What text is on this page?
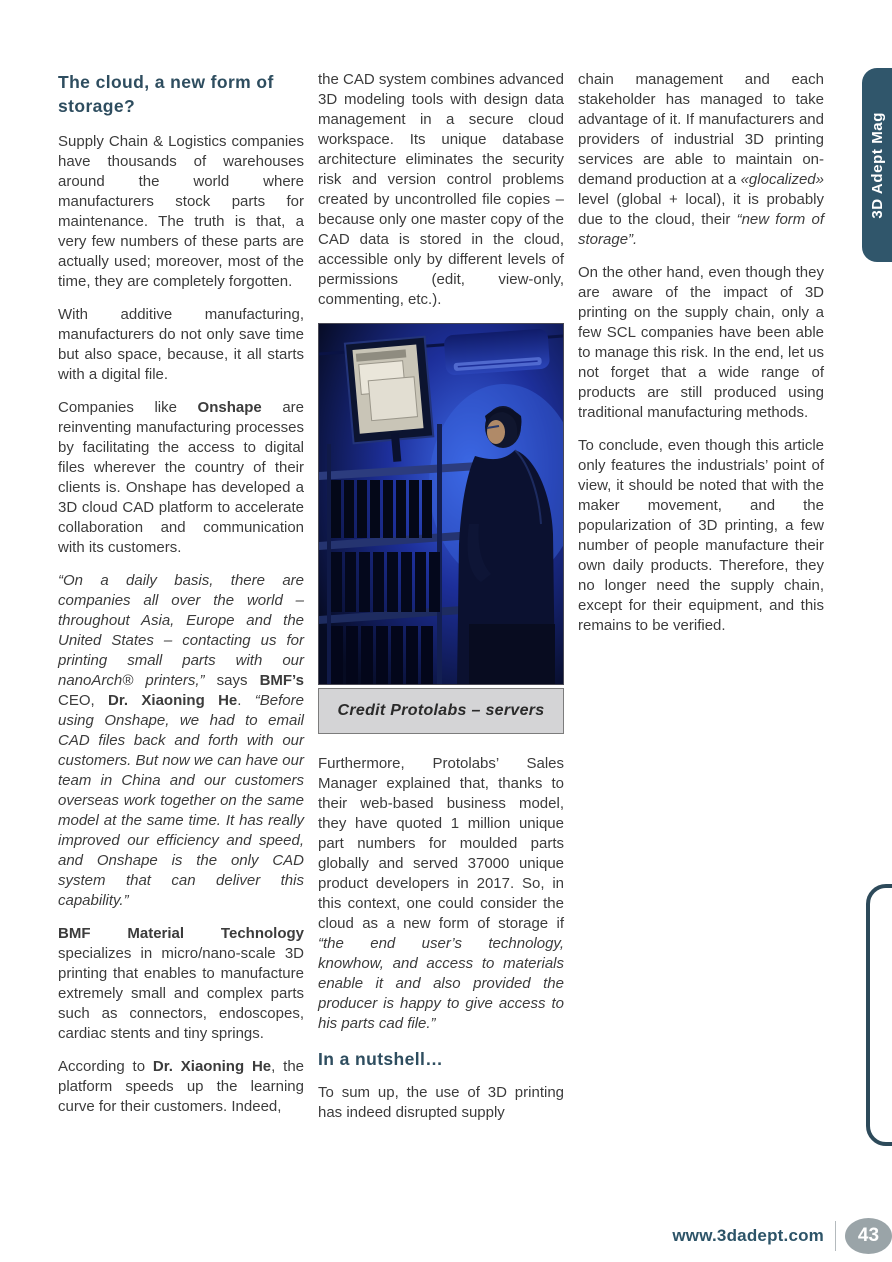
The cloud, a new form of storage?

Supply Chain & Logistics companies have thousands of warehouses around the world where manufacturers stock parts for maintenance. The truth is that, a very few numbers of these parts are actually used; moreover, most of the time, they are completely forgotten.

With additive manufacturing, manufacturers do not only save time but also space, because, it all starts with a digital file.

Companies like Onshape are reinventing manufacturing processes by facilitating the access to digital files wherever the country of their clients is. Onshape has developed a 3D cloud CAD platform to accelerate collaboration and communication with its customers.

“On a daily basis, there are companies all over the world – throughout Asia, Europe and the United States – contacting us for printing small parts with our nanoArch® printers,” says BMF’s CEO, Dr. Xiaoning He. “Before using Onshape, we had to email CAD files back and forth with our customers. But now we can have our team in China and our customers overseas work together on the same model at the same time. It has really improved our efficiency and speed, and Onshape is the only CAD system that can deliver this capability.”

BMF Material Technology specializes in micro/nano-scale 3D printing that enables to manufacture extremely small and complex parts such as connectors, endoscopes, cardiac stents and tiny springs.

According to Dr. Xiaoning He, the platform speeds up the learning curve for their customers. Indeed,

the CAD system combines advanced 3D modeling tools with design data management in a secure cloud workspace. Its unique database architecture eliminates the security risk and version control problems created by uncontrolled file copies – because only one master copy of the CAD data is stored in the cloud, accessible only by different levels of permissions (edit, view-only, commenting, etc.).

Credit Protolabs – servers

Furthermore, Protolabs’ Sales Manager explained that, thanks to their web-based business model, they have quoted 1 million unique part numbers for moulded parts globally and served 37000 unique product developers in 2017. So, in this context, one could consider the cloud as a new form of storage if “the end user’s technology, knowhow, and access to materials enable it and also provided the producer is happy to give access to his parts cad file.”

In a nutshell…

To sum up, the use of 3D printing has indeed disrupted supply

chain management and each stakeholder has managed to take advantage of it. If manufacturers and providers of industrial 3D printing services are able to maintain on-demand production at a «glocalized» level (global + local), it is probably due to the cloud, their “new form of storage”.

On the other hand, even though they are aware of the impact of 3D printing on the supply chain, only a few SCL companies have been able to manage this risk. In the end, let us not forget that a wide range of products are still produced using traditional manufacturing methods.

To conclude, even though this article only features the industrials’ point of view, it should be noted that with the maker movement, and the popularization of 3D printing, a few number of people manufacture their own daily products. Therefore, they no longer need the supply chain, except for their equipment, and this remains to be verified.

3D Adept Mag
www.3dadept.com 43
